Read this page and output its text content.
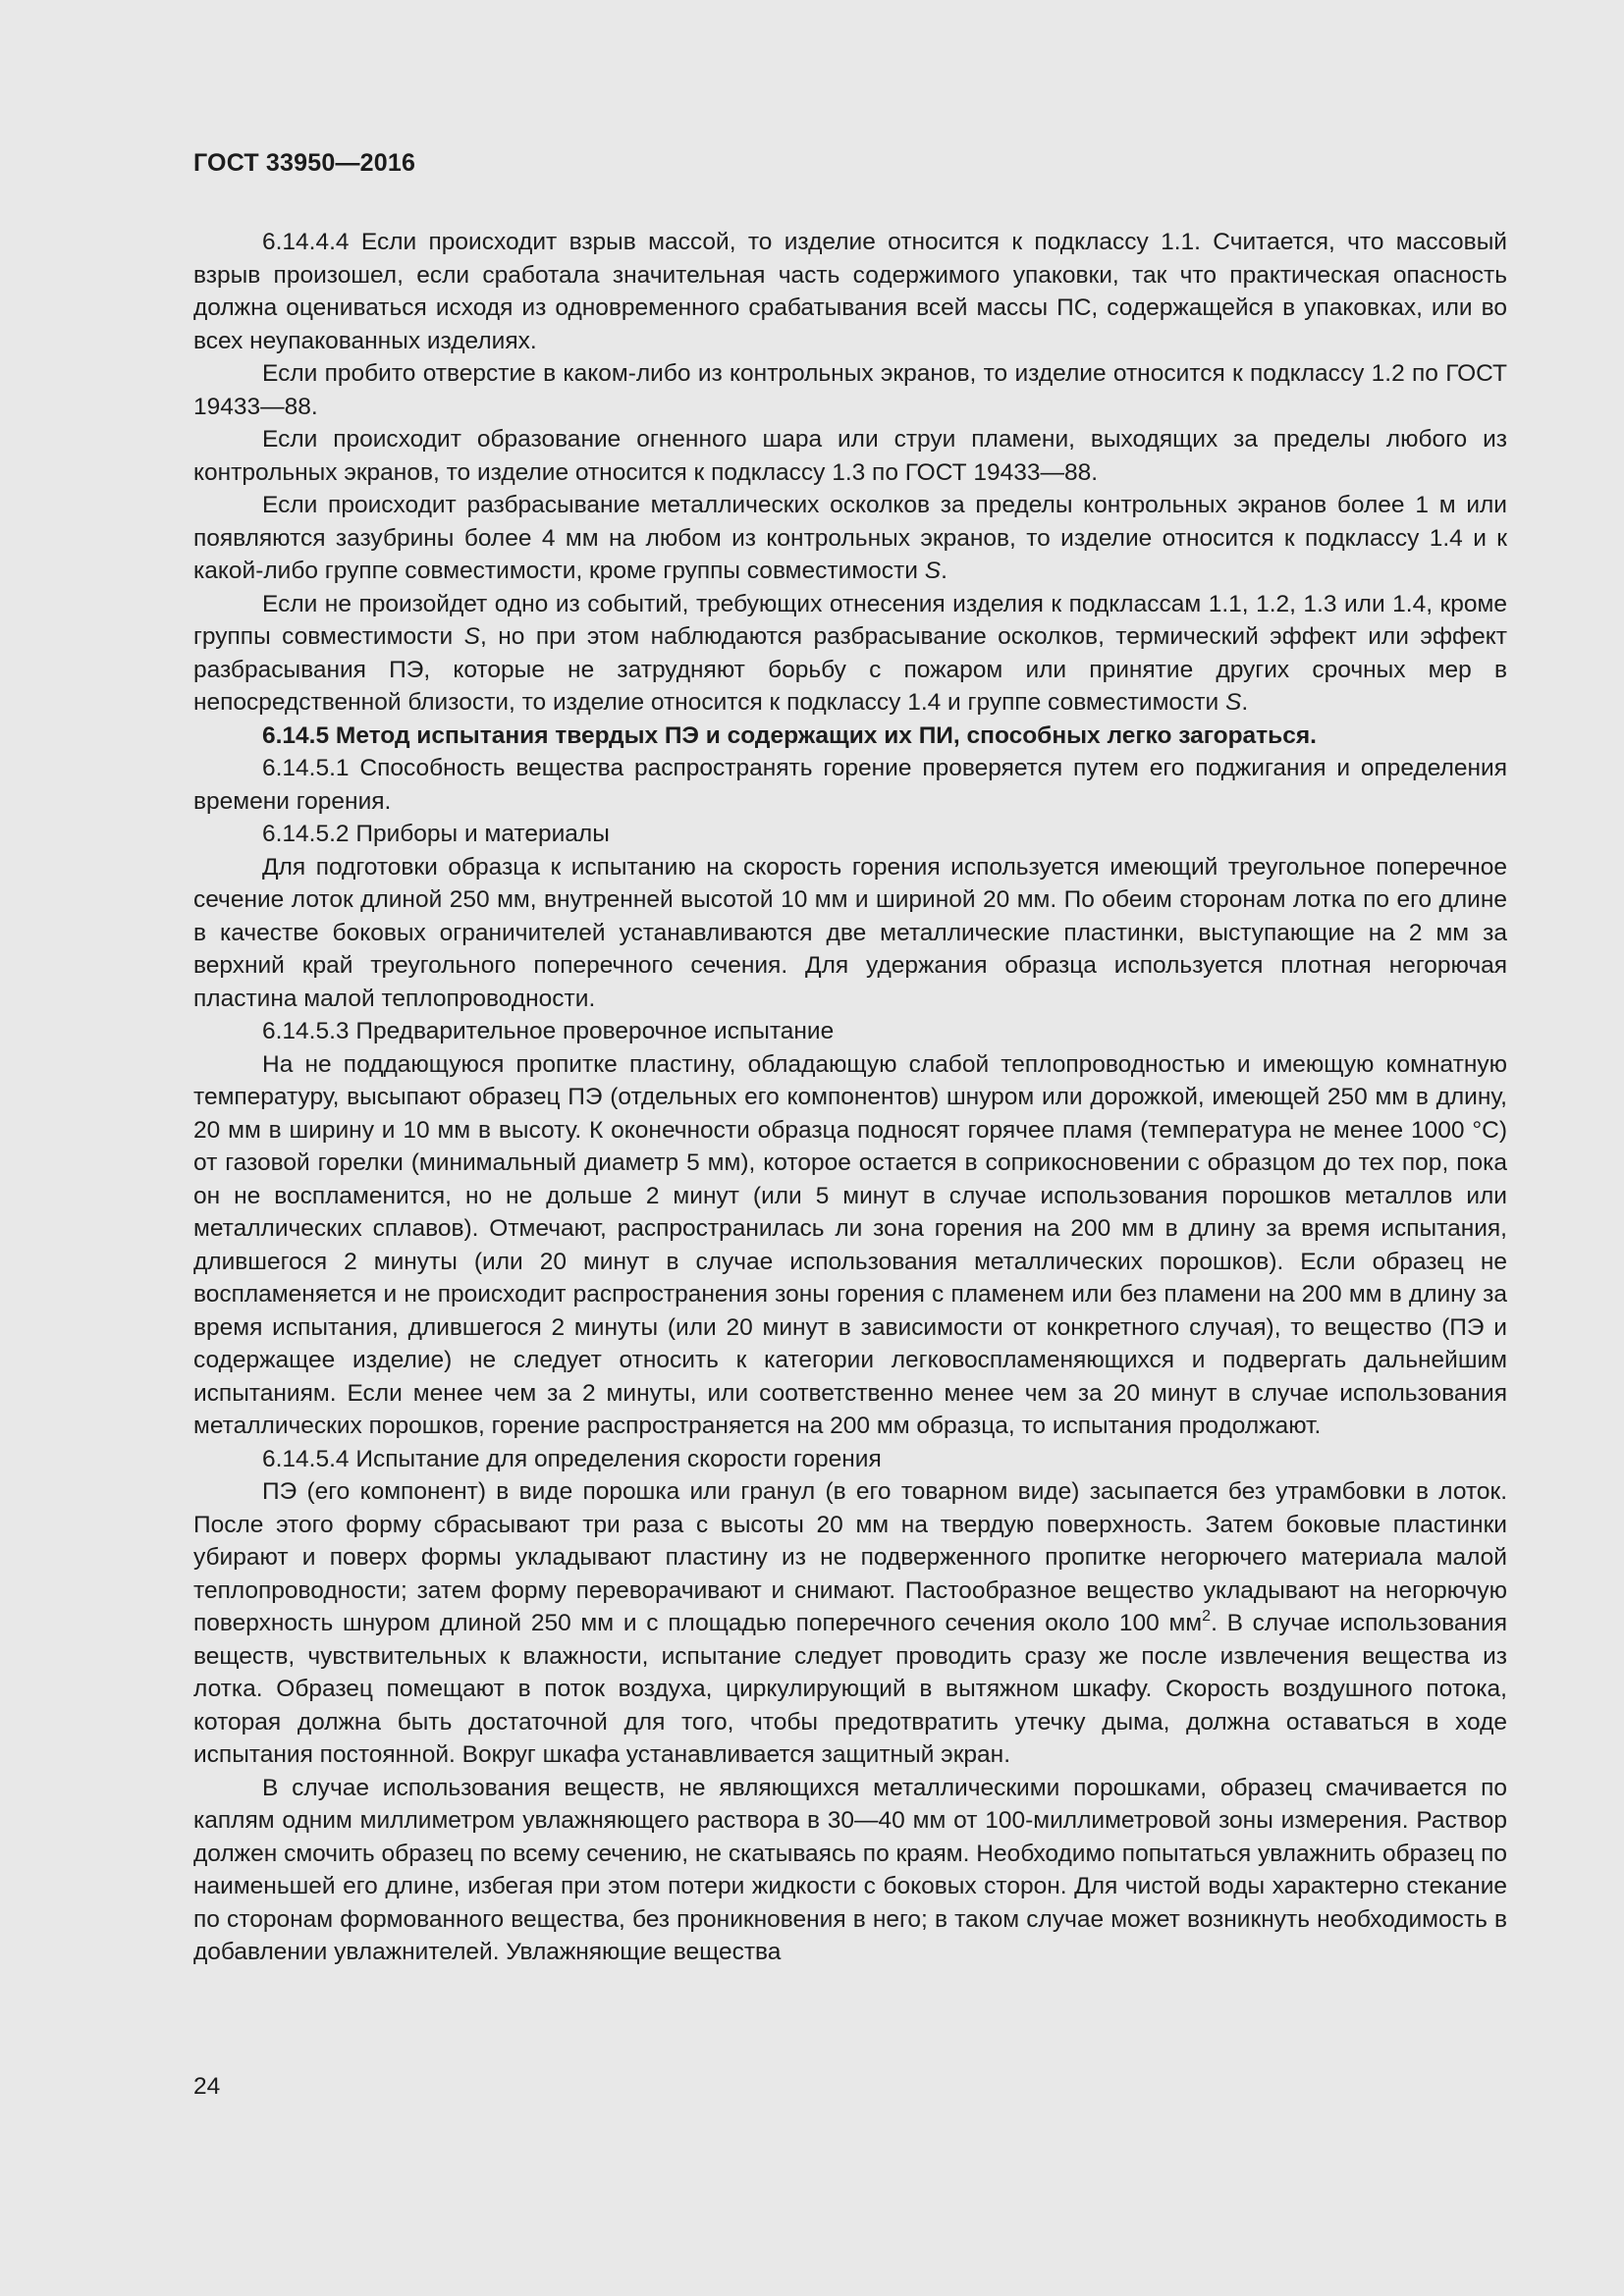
ГОСТ 33950—2016

6.14.4.4 Если происходит взрыв массой, то изделие относится к подклассу 1.1. Считается, что массовый взрыв произошел, если сработала значительная часть содержимого упаковки, так что практическая опасность должна оцениваться исходя из одновременного срабатывания всей массы ПС, содержащейся в упаковках, или во всех неупакованных изделиях.

Если пробито отверстие в каком-либо из контрольных экранов, то изделие относится к подклассу 1.2 по ГОСТ 19433—88.

Если происходит образование огненного шара или струи пламени, выходящих за пределы любого из контрольных экранов, то изделие относится к подклассу 1.3 по ГОСТ 19433—88.

Если происходит разбрасывание металлических осколков за пределы контрольных экранов более 1 м или появляются зазубрины более 4 мм на любом из контрольных экранов, то изделие относится к подклассу 1.4 и к какой-либо группе совместимости, кроме группы совместимости S.

Если не произойдет одно из событий, требующих отнесения изделия к подклассам 1.1, 1.2, 1.3 или 1.4, кроме группы совместимости S, но при этом наблюдаются разбрасывание осколков, термический эффект или эффект разбрасывания ПЭ, которые не затрудняют борьбу с пожаром или принятие других срочных мер в непосредственной близости, то изделие относится к подклассу 1.4 и группе совместимости S.

6.14.5 Метод испытания твердых ПЭ и содержащих их ПИ, способных легко загораться.

6.14.5.1 Способность вещества распространять горение проверяется путем его поджигания и определения времени горения.

6.14.5.2 Приборы и материалы

Для подготовки образца к испытанию на скорость горения используется имеющий треугольное поперечное сечение лоток длиной 250 мм, внутренней высотой 10 мм и шириной 20 мм. По обеим сторонам лотка по его длине в качестве боковых ограничителей устанавливаются две металлические пластинки, выступающие на 2 мм за верхний край треугольного поперечного сечения. Для удержания образца используется плотная негорючая пластина малой теплопроводности.

6.14.5.3 Предварительное проверочное испытание

На не поддающуюся пропитке пластину, обладающую слабой теплопроводностью и имеющую комнатную температуру, высыпают образец ПЭ (отдельных его компонентов) шнуром или дорожкой, имеющей 250 мм в длину, 20 мм в ширину и 10 мм в высоту. К оконечности образца подносят горячее пламя (температура не менее 1000 °С) от газовой горелки (минимальный диаметр 5 мм), которое остается в соприкосновении с образцом до тех пор, пока он не воспламенится, но не дольше 2 минут (или 5 минут в случае использования порошков металлов или металлических сплавов). Отмечают, распространилась ли зона горения на 200 мм в длину за время испытания, длившегося 2 минуты (или 20 минут в случае использования металлических порошков). Если образец не воспламеняется и не происходит распространения зоны горения с пламенем или без пламени на 200 мм в длину за время испытания, длившегося 2 минуты (или 20 минут в зависимости от конкретного случая), то вещество (ПЭ и содержащее изделие) не следует относить к категории легковоспламеняющихся и подвергать дальнейшим испытаниям. Если менее чем за 2 минуты, или соответственно менее чем за 20 минут в случае использования металлических порошков, горение распространяется на 200 мм образца, то испытания продолжают.

6.14.5.4 Испытание для определения скорости горения

ПЭ (его компонент) в виде порошка или гранул (в его товарном виде) засыпается без утрамбовки в лоток. После этого форму сбрасывают три раза с высоты 20 мм на твердую поверхность. Затем боковые пластинки убирают и поверх формы укладывают пластину из не подверженного пропитке негорючего материала малой теплопроводности; затем форму переворачивают и снимают. Пастообразное вещество укладывают на негорючую поверхность шнуром длиной 250 мм и с площадью поперечного сечения около 100 $мм^2$. В случае использования веществ, чувствительных к влажности, испытание следует проводить сразу же после извлечения вещества из лотка. Образец помещают в поток воздуха, циркулирующий в вытяжном шкафу. Скорость воздушного потока, которая должна быть достаточной для того, чтобы предотвратить утечку дыма, должна оставаться в ходе испытания постоянной. Вокруг шкафа устанавливается защитный экран.

В случае использования веществ, не являющихся металлическими порошками, образец смачивается по каплям одним миллиметром увлажняющего раствора в 30—40 мм от 100-миллиметровой зоны измерения. Раствор должен смочить образец по всему сечению, не скатываясь по краям. Необходимо попытаться увлажнить образец по наименьшей его длине, избегая при этом потери жидкости с боковых сторон. Для чистой воды характерно стекание по сторонам формованного вещества, без проникновения в него; в таком случае может возникнуть необходимость в добавлении увлажнителей. Увлажняющие вещества

24
